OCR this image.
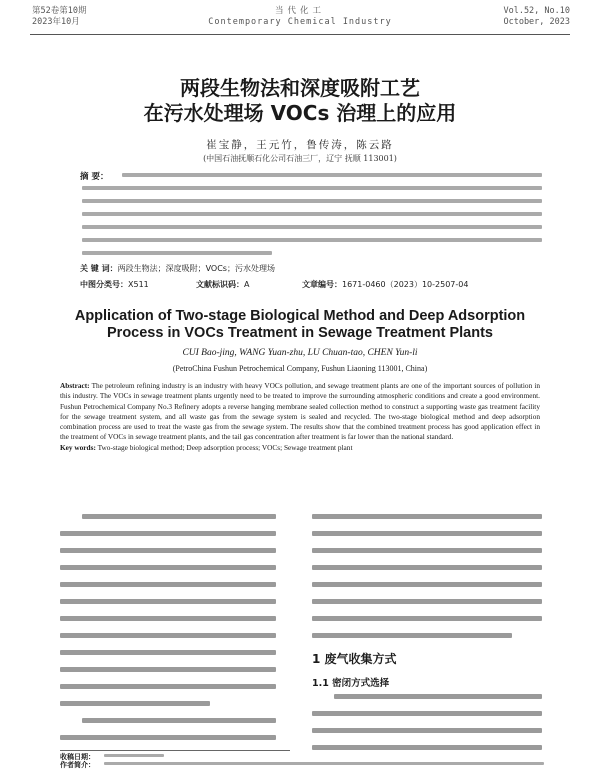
第52卷第10期
2023年10月
当代化工
Contemporary Chemical Industry
Vol.52, No.10
October, 2023
两段生物法和深度吸附工艺
在污水处理场 VOCs 治理上的应用
崔宝静，王元竹，鲁传涛，陈云路
(中国石油抚顺石化公司石油三厂，辽宁 抚顺 113001)
摘 要：
关 键 词：两段生物法；深度吸附；VOCs；污水处理场
中图分类号：X511	文献标识码：A	文章编号：1671-0460（2023）10-2507-04
Application of Two-stage Biological Method and Deep Adsorption
Process in VOCs Treatment in Sewage Treatment Plants
CUI Bao-jing, WANG Yuan-zhu, LU Chuan-tao, CHEN Yun-li
(PetroChina Fushun Petrochemical Company, Fushun Liaoning 113001, China)
Abstract: The petroleum refining industry is an industry with heavy VOCs pollution, and sewage treatment plants are one of the important sources of pollution in this industry. The VOCs in sewage treatment plants urgently need to be treated to improve the surrounding atmospheric conditions and create a good environment. Fushun Petrochemical Company No.3 Refinery adopts a reverse hanging membrane sealed collection method to construct a supporting waste gas treatment facility for the sewage treatment system, and all waste gas from the sewage system is sealed and recycled. The two-stage biological method and deep adsorption combination process are used to treat the waste gas from the sewage system. The results show that the combined treatment process has good application effect in the treatment of VOCs in sewage treatment plants, and the tail gas concentration after treatment is far lower than the national standard.
Key words: Two-stage biological method; Deep adsorption process; VOCs; Sewage treatment plant
1 废气收集方式
1.1 密闭方式选择
收稿日期：
作者简介：
